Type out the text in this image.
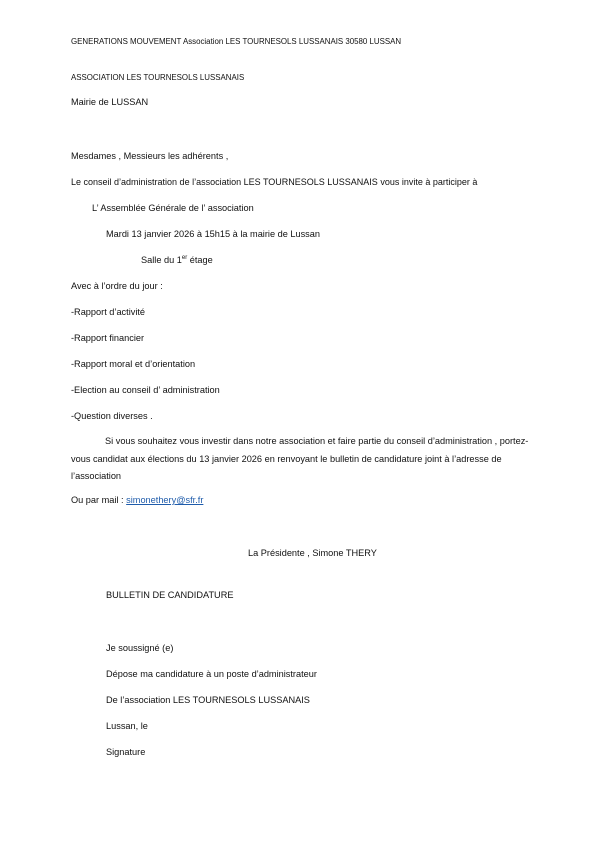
GENERATIONS MOUVEMENT Association LES TOURNESOLS LUSSANAIS 30580 LUSSAN
ASSOCIATION LES TOURNESOLS LUSSANAIS
Mairie de LUSSAN
Mesdames , Messieurs les adhérents ,
Le conseil d’administration de l’association LES TOURNESOLS LUSSANAIS vous invite à participer à
L’ Assemblée Générale de l’ association
Mardi 13 janvier 2026 à 15h15 à la mairie de Lussan
Salle du 1er étage
Avec à l’ordre du jour :
-Rapport d’activité
-Rapport financier
-Rapport moral et d’orientation
-Election au conseil d’ administration
-Question diverses .
Si vous souhaitez vous investir dans notre association et faire partie du conseil d’administration , portez- vous candidat aux élections du 13 janvier 2026 en renvoyant le bulletin de candidature joint à l’adresse de l’association
Ou par mail : simonethery@sfr.fr
La Présidente , Simone THERY
BULLETIN DE CANDIDATURE
Je soussigné (e)
Dépose ma candidature à un poste d’administrateur
De l’association LES TOURNESOLS LUSSANAIS
Lussan, le
Signature
